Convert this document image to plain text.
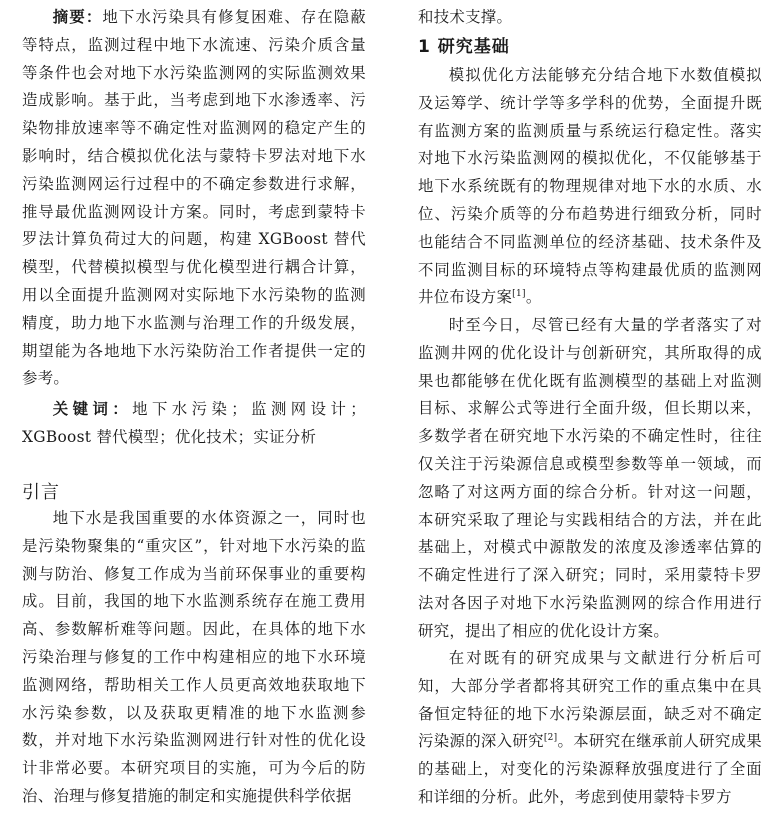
摘要：地下水污染具有修复困难、存在隐蔽等特点，监测过程中地下水流速、污染介质含量等条件也会对地下水污染监测网的实际监测效果造成影响。基于此，当考虑到地下水渗透率、污染物排放速率等不确定性对监测网的稳定产生的影响时，结合模拟优化法与蒙特卡罗法对地下水污染监测网运行过程中的不确定参数进行求解，推导最优监测网设计方案。同时，考虑到蒙特卡罗法计算负荷过大的问题，构建 XGBoost 替代模型，代替模拟模型与优化模型进行耦合计算，用以全面提升监测网对实际地下水污染物的监测精度，助力地下水监测与治理工作的升级发展，期望能为各地地下水污染防治工作者提供一定的参考。

关键词：地下水污染；监测网设计；XGBoost 替代模型；优化技术；实证分析

引言

地下水是我国重要的水体资源之一，同时也是污染物聚集的“重灾区”，针对地下水污染的监测与防治、修复工作成为当前环保事业的重要构成。目前，我国的地下水监测系统存在施工费用高、参数解析难等问题。因此，在具体的地下水污染治理与修复的工作中构建相应的地下水环境监测网络，帮助相关工作人员更高效地获取地下水污染参数，以及获取更精准的地下水监测参数，并对地下水污染监测网进行针对性的优化设计非常必要。本研究项目的实施，可为今后的防治、治理与修复措施的制定和实施提供科学依据

和技术支撑。

1 研究基础

模拟优化方法能够充分结合地下水数值模拟及运筹学、统计学等多学科的优势，全面提升既有监测方案的监测质量与系统运行稳定性。落实对地下水污染监测网的模拟优化，不仅能够基于地下水系统既有的物理规律对地下水的水质、水位、污染介质等的分布趋势进行细致分析，同时也能结合不同监测单位的经济基础、技术条件及不同监测目标的环境特点等构建最优质的监测网井位布设方案[1]。

时至今日，尽管已经有大量的学者落实了对监测井网的优化设计与创新研究，其所取得的成果也都能够在优化既有监测模型的基础上对监测目标、求解公式等进行全面升级，但长期以来，多数学者在研究地下水污染的不确定性时，往往仅关注于污染源信息或模型参数等单一领域，而忽略了对这两方面的综合分析。针对这一问题，本研究采取了理论与实践相结合的方法，并在此基础上，对模式中源散发的浓度及渗透率估算的不确定性进行了深入研究；同时，采用蒙特卡罗法对各因子对地下水污染监测网的综合作用进行研究，提出了相应的优化设计方案。

在对既有的研究成果与文献进行分析后可知，大部分学者都将其研究工作的重点集中在具备恒定特征的地下水污染源层面，缺乏对不确定污染源的深入研究[2]。本研究在继承前人研究成果的基础上，对变化的污染源释放强度进行了全面和详细的分析。此外，考虑到使用蒙特卡罗方
